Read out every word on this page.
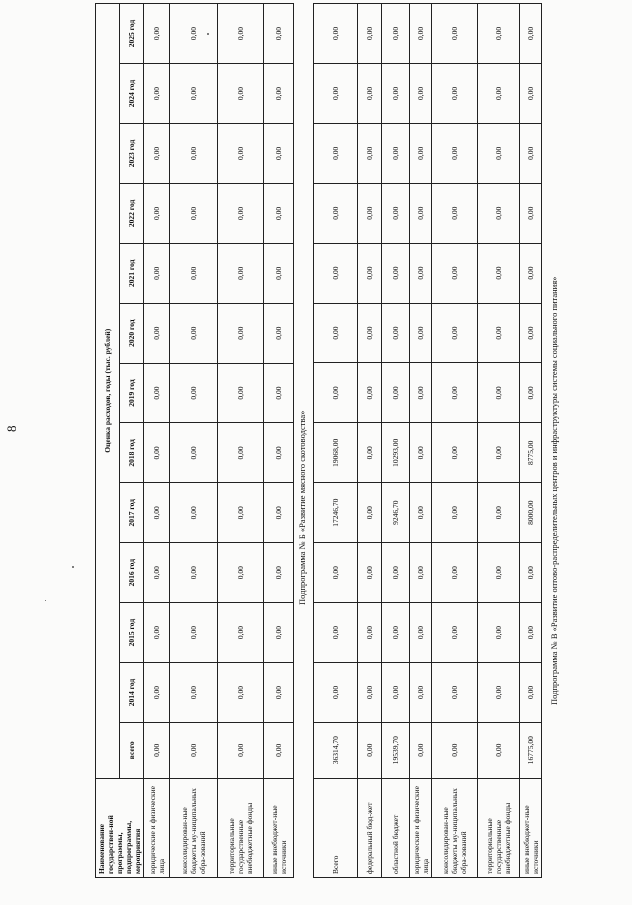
8
Наименование государствен-ной программы, подпрограммы, мероприятия	Оценка расходов, годы (тыс. рублей)												
	всего	2014 год	2015 год	2016 год	2017 год	2018 год	2019 год	2020 год	2021 год	2022 год	2023 год	2024 год	2025 год
юридические и физические лица	0,00	0,00	0,00	0,00	0,00	0,00	0,00	0,00	0,00	0,00	0,00	0,00	0,00
консолидирован-ные бюджеты му-ниципальных обра-зований	0,00	0,00	0,00	0,00	0,00	0,00	0,00	0,00	0,00	0,00	0,00	0,00	0,00
территориальные государственные внебюджетные фонды	0,00	0,00	0,00	0,00	0,00	0,00	0,00	0,00	0,00	0,00	0,00	0,00	0,00
иные внебюджет-ные источники	0,00	0,00	0,00	0,00	0,00	0,00	0,00	0,00	0,00	0,00	0,00	0,00	0,00
Подпрограмма № Б «Развитие мясного скотоводства»
Всего	36314,70	0,00	0,00	0,00	17246,70	19068,00	0,00	0,00	0,00	0,00	0,00	0,00	0,00
федеральный бюд-жет	0,00	0,00	0,00	0,00	0,00	0,00	0,00	0,00	0,00	0,00	0,00	0,00	0,00
областной бюджет	19539,70	0,00	0,00	0,00	9246,70	10293,00	0,00	0,00	0,00	0,00	0,00	0,00	0,00
юридические и физические лица	0,00	0,00	0,00	0,00	0,00	0,00	0,00	0,00	0,00	0,00	0,00	0,00	0,00
консолидирован-ные бюджеты му-ниципальных обра-зований	0,00	0,00	0,00	0,00	0,00	0,00	0,00	0,00	0,00	0,00	0,00	0,00	0,00
территориальные государственные внебюджетные фонды	0,00	0,00	0,00	0,00	0,00	0,00	0,00	0,00	0,00	0,00	0,00	0,00	0,00
иные внебюджет-ные источники	16775,00	0,00	0,00	0,00	8000,00	8775,00	0,00	0,00	0,00	0,00	0,00	0,00	0,00
Подпрограмма № В «Развитие оптово-распределительных центров и инфраструктуры системы социального питания»
